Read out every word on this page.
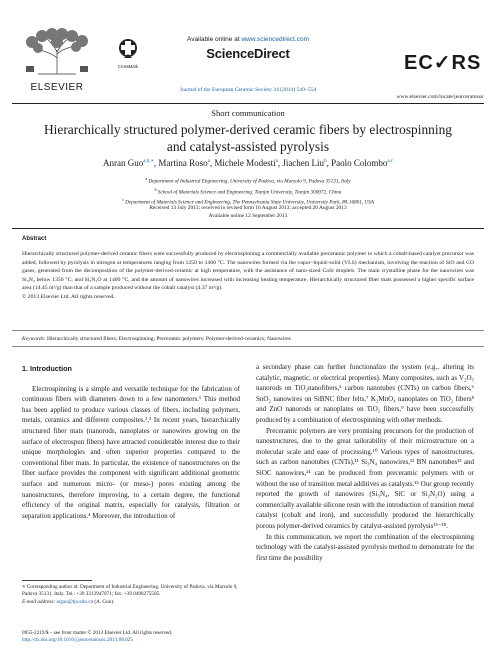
ELSEVIER
CrossMark
Available online at www.sciencedirect.com
ScienceDirect
Journal of the European Ceramic Society 34 (2014) 549–554
EC✓RS
www.elsevier.com/locate/jeurceramsoc
Short communication
Hierarchically structured polymer-derived ceramic fibers by electrospinning
and catalyst-assisted pyrolysis
Anran Guo$^{a,b,∗}$, Martina Roso$^a$, Michele Modesti$^a$, Jiachen Liu$^b$, Paolo Colombo$^{a,c}$
$^a$ Department of Industrial Engineering, University of Padova, via Marzolo 9, Padova 35131, Italy
$^b$ School of Materials Science and Engineering, Tianjin University, Tianjin 300072, China
$^c$ Department of Materials Science and Engineering, The Pennsylvania State University, University Park, PA 16801, USA
Received 13 July 2013; received in revised form 16 August 2013; accepted 20 August 2013
Available online 12 September 2013
Abstract
Hierarchically structured polymer-derived ceramic fibers were successfully produced by electrospinning a commercially available preceramic polymer to which a cobalt-based catalyst precursor was added, followed by pyrolysis in nitrogen at temperatures ranging from 1250 to 1400 °C. The nanowires formed via the vapor–liquid–solid (VLS) mechanism, involving the reaction of SiO and CO gases, generated from the decomposition of the polymer-derived-ceramic at high temperature, with the assistance of nano-sized CoSi droplets. The main crystalline phase for the nanowires was Si₃N₄ below 1350 °C, and Si₂N₂O at 1400 °C, and the amount of nanowires increased with increasing heating temperature. Hierarchically structured fiber mats possessed a higher specific surface area (14.45 m²/g) than that of a sample produced without the cobalt catalyst (4.37 m²/g).
© 2013 Elsevier Ltd. All rights reserved.
Keywords: Hierarchically structured fibers; Electrospinning; Preceramic polymers; Polymer-derived-ceramics; Nanowires
1. Introduction

Electrospinning is a simple and versatile technique for the fabrication of continuous fibers with diameters down to a few nanometers.¹ This method has been applied to produce various classes of fibers, including polymers, metals, ceramics and different composites.²,³ In recent years, hierarchically structured fiber mats (nanorods, nanoplates or nanowires growing on the surface of electrospun fibers) have attracted considerable interest due to their unique morphologies and often superior properties compared to the conventional fiber mats. In particular, the existence of nanostructures on the fiber surface provides the component with significant additional geometric surface and numerous micro- (or meso-) pores existing among the nanostructures, therefore improving, to a certain degree, the functional efficiency of the original matrix, especially for catalysis, filtration or separation applications.⁴ Moreover, the introduction of

a secondary phase can further functionalize the system (e.g., altering its catalytic, magnetic, or electrical properties). Many composites, such as V₂O₅ nanorods on TiO₂nanofibers,⁵ carbon nanotubes (CNTs) on carbon fibers,⁶ SnO₂ nanowires on SiBNC fiber felts,⁷ K₂MnO₄ nanoplates on TiO₂ fibers⁸ and ZnO nanorods or nanoplates on TiO₂ fibers,⁹ have been successfully produced by a combination of electrospinning with other methods.

Preceramic polymers are very promising precursors for the production of nanostructures, due to the great tailorability of their microstructure on a molecular scale and ease of processing.¹⁰ Various types of nanostructures, such as carbon nanotubes (CNTs),¹¹ Si₃N₄ nanowires,¹² BN nanotubes¹³ and SiOC nanowires,¹⁴ can be produced from preceramic polymers with or without the use of transition metal additives as catalysts.¹⁵ Our group recently reported the growth of nanowires (Si₃N₄, SiC or Si₂N₂O) using a commercially available silicone resin with the introduction of transition metal catalyst (cobalt and iron), and successfully produced the hierarchically porous polymer-derived ceramics by catalyst-assisted pyrolysis¹⁶⁻¹⁸.

In this communication, we report the combination of the electrospinning technology with the catalyst-assisted pyrolysis method to demonstrate for the first time the possibility

∗ Corresponding author at: Department of Industrial Engineering, University of Padova, via Marzolo 9, Padova 35131, Italy. Tel.: +39 3312947071; fax: +39 0498275505.
E-mail address: argao@tju.edu.cn (A. Guo).
0955-2219/$ – see front matter © 2013 Elsevier Ltd. All rights reserved.
http://dx.doi.org/10.1016/j.jeurceramsoc.2013.08.025
